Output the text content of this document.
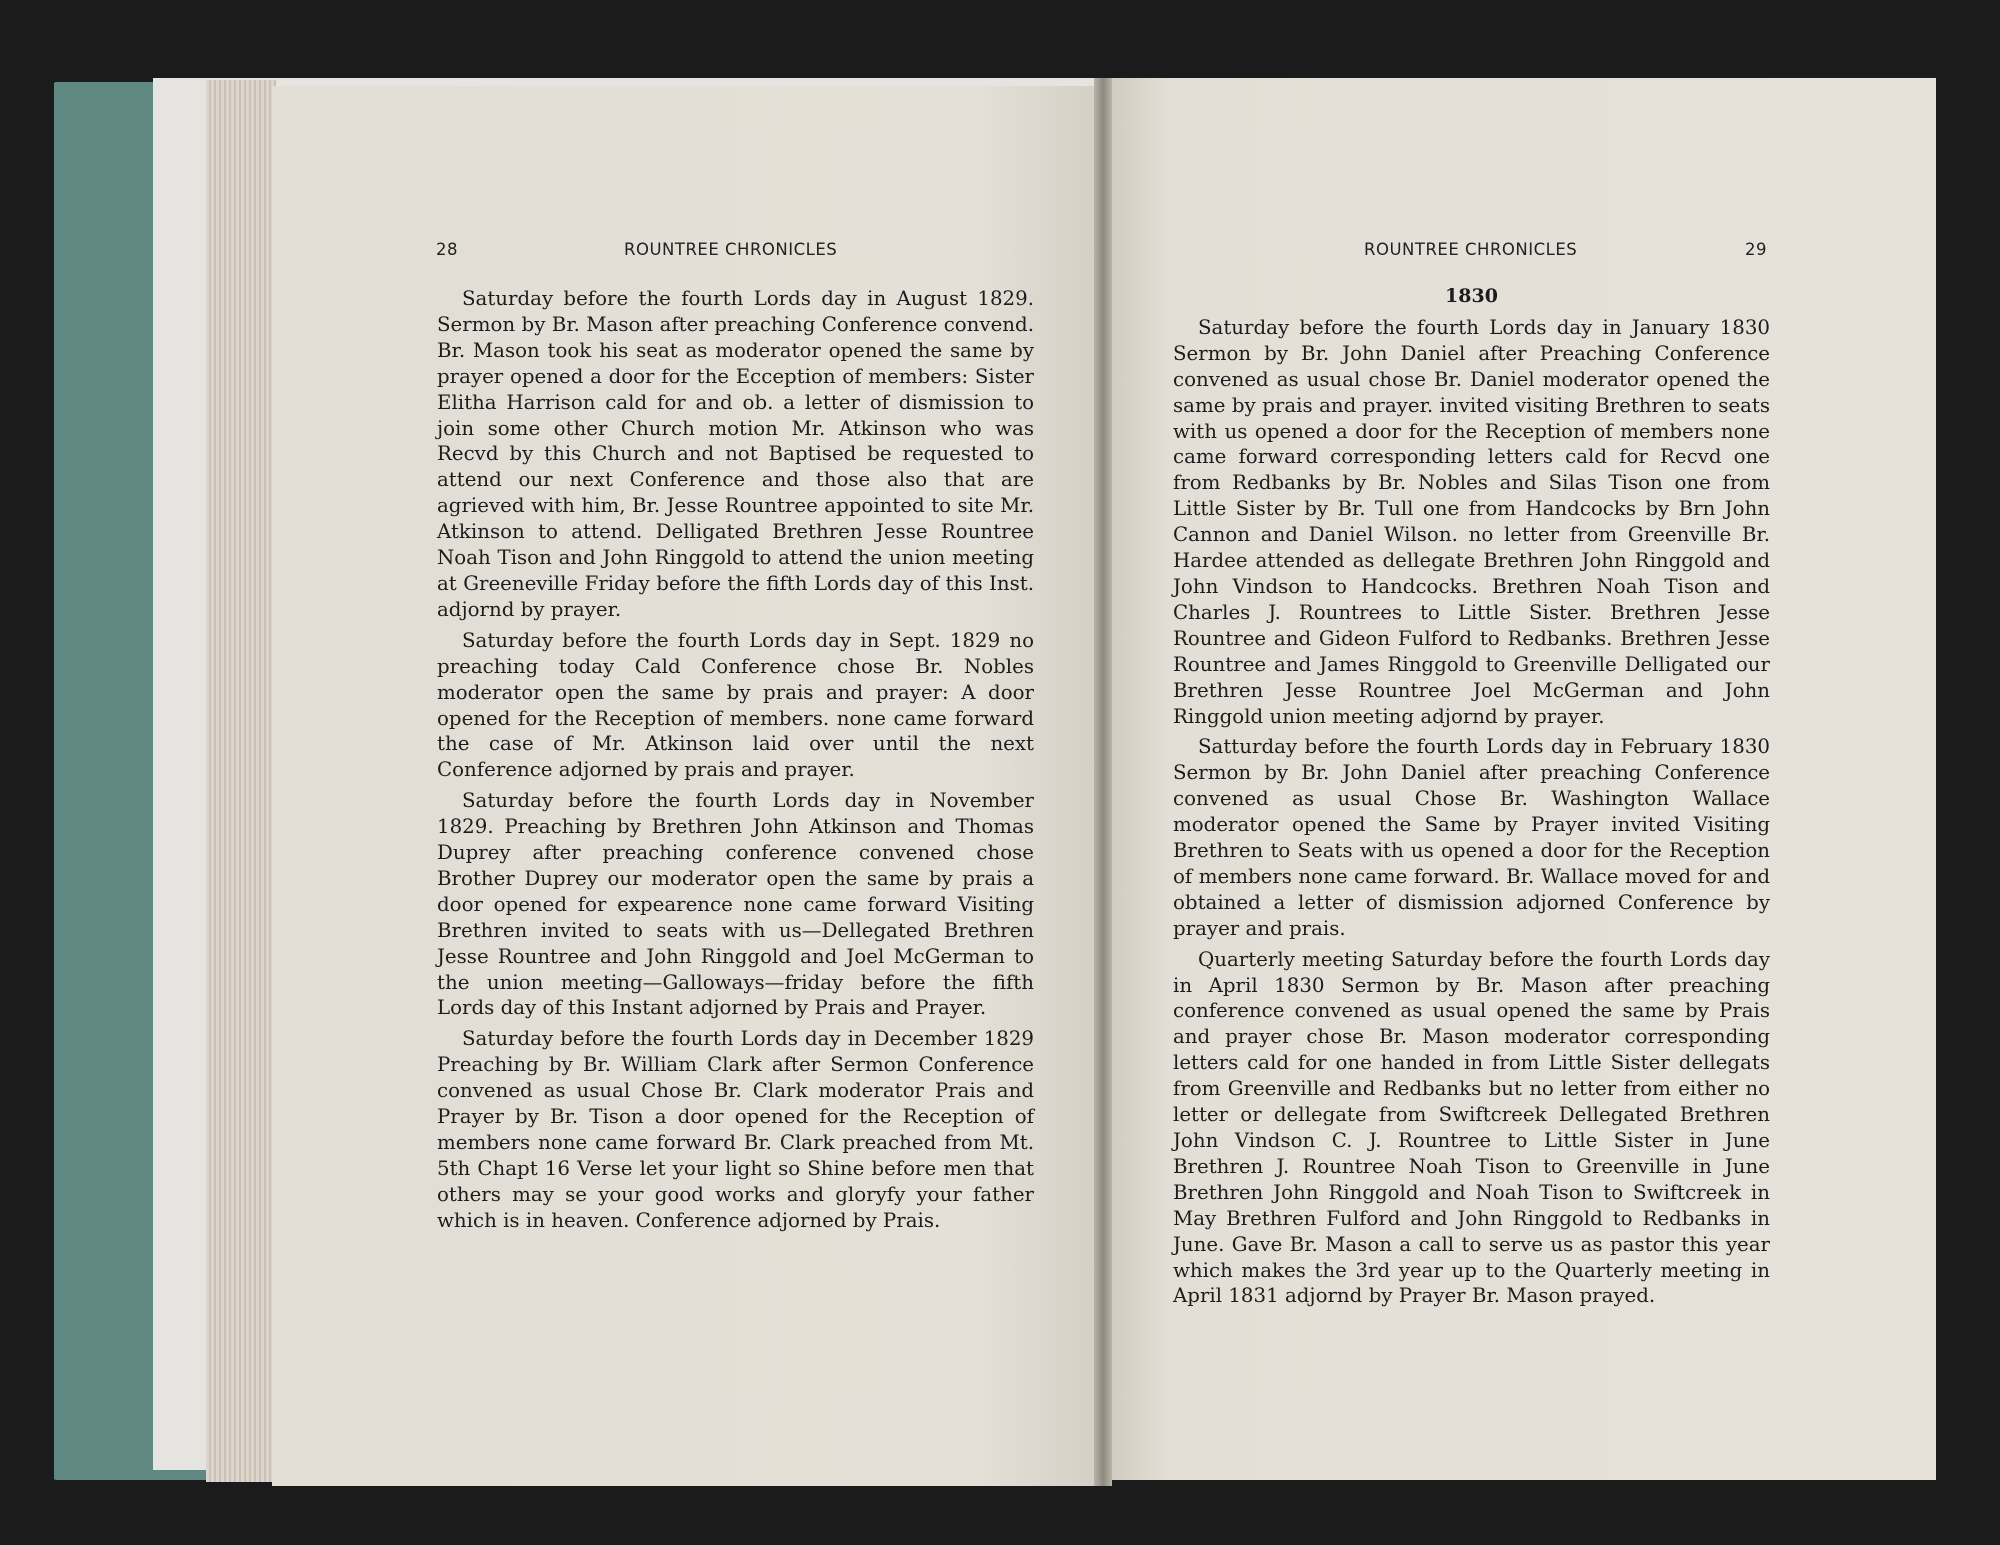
28	ROUNTREE CHRONICLES

Saturday before the fourth Lords day in August 1829. Sermon by Br. Mason after preaching Conference convend. Br. Mason took his seat as moderator opened the same by prayer opened a door for the Ecception of members: Sister Elitha Harrison cald for and ob. a letter of dismission to join some other Church motion Mr. Atkinson who was Recvd by this Church and not Baptised be requested to attend our next Conference and those also that are agrieved with him, Br. Jesse Rountree appointed to site Mr. Atkinson to attend. Delligated Brethren Jesse Rountree Noah Tison and John Ringgold to attend the union meeting at Greeneville Friday before the fifth Lords day of this Inst. adjornd by prayer.

Saturday before the fourth Lords day in Sept. 1829 no preaching today Cald Conference chose Br. Nobles moderator open the same by prais and prayer: A door opened for the Reception of members. none came forward the case of Mr. Atkinson laid over until the next Conference adjorned by prais and prayer.

Saturday before the fourth Lords day in November 1829. Preaching by Brethren John Atkinson and Thomas Duprey after preaching conference convened chose Brother Duprey our moderator open the same by prais a door opened for expearence none came forward Visiting Brethren invited to seats with us—Dellegated Brethren Jesse Rountree and John Ringgold and Joel McGerman to the union meeting—Galloways—friday before the fifth Lords day of this Instant adjorned by Prais and Prayer.

Saturday before the fourth Lords day in December 1829 Preaching by Br. William Clark after Sermon Conference convened as usual Chose Br. Clark moderator Prais and Prayer by Br. Tison a door opened for the Reception of members none came forward Br. Clark preached from Mt. 5th Chapt 16 Verse let your light so Shine before men that others may se your good works and gloryfy your father which is in heaven. Conference adjorned by Prais.

ROUNTREE CHRONICLES	29

1830

Saturday before the fourth Lords day in January 1830 Sermon by Br. John Daniel after Preaching Conference convened as usual chose Br. Daniel moderator opened the same by prais and prayer. invited visiting Brethren to seats with us opened a door for the Reception of members none came forward corresponding letters cald for Recvd one from Redbanks by Br. Nobles and Silas Tison one from Little Sister by Br. Tull one from Handcocks by Brn John Cannon and Daniel Wilson. no letter from Greenville Br. Hardee attended as dellegate Brethren John Ringgold and John Vindson to Handcocks. Brethren Noah Tison and Charles J. Rountrees to Little Sister. Brethren Jesse Rountree and Gideon Fulford to Redbanks. Brethren Jesse Rountree and James Ringgold to Greenville Delligated our Brethren Jesse Rountree Joel McGerman and John Ringgold union meeting adjornd by prayer.

Satturday before the fourth Lords day in February 1830 Sermon by Br. John Daniel after preaching Conference convened as usual Chose Br. Washington Wallace moderator opened the Same by Prayer invited Visiting Brethren to Seats with us opened a door for the Reception of members none came forward. Br. Wallace moved for and obtained a letter of dismission adjorned Conference by prayer and prais.

Quarterly meeting Saturday before the fourth Lords day in April 1830 Sermon by Br. Mason after preaching conference convened as usual opened the same by Prais and prayer chose Br. Mason moderator corresponding letters cald for one handed in from Little Sister dellegats from Greenville and Redbanks but no letter from either no letter or dellegate from Swiftcreek Dellegated Brethren John Vindson C. J. Rountree to Little Sister in June Brethren J. Rountree Noah Tison to Greenville in June Brethren John Ringgold and Noah Tison to Swiftcreek in May Brethren Fulford and John Ringgold to Redbanks in June. Gave Br. Mason a call to serve us as pastor this year which makes the 3rd year up to the Quarterly meeting in April 1831 adjornd by Prayer Br. Mason prayed.
